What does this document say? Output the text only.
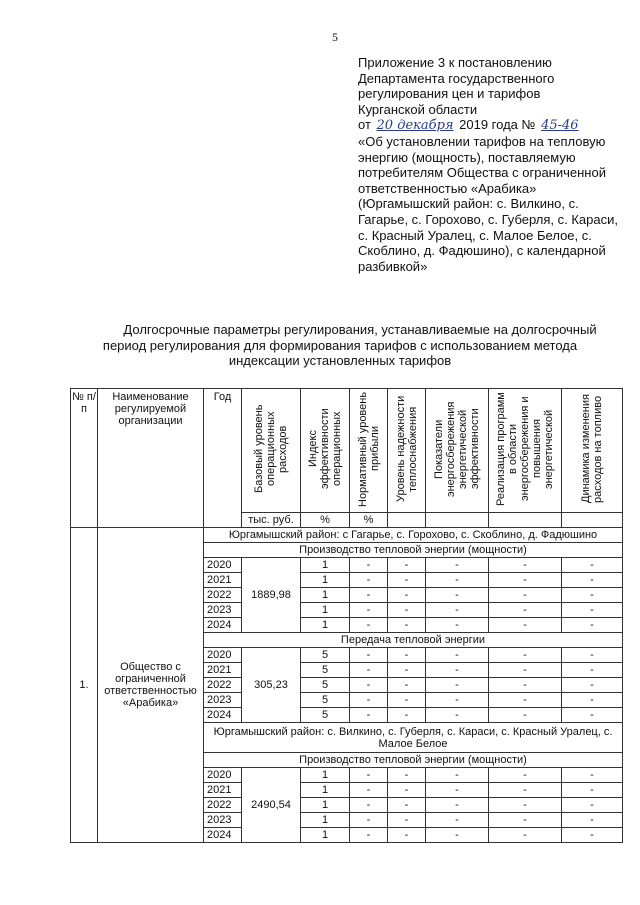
5
Приложение 3 к постановлению
Департамента государственного
регулирования цен и тарифов
Курганской области
от 20 декабря 2019 года № 45-46
«Об установлении тарифов на тепловую энергию (мощность), поставляемую потребителям Общества с ограниченной ответственностью «Арабика» (Юргамышский район: с. Вилкино, с. Гагарье, с. Горохово, с. Губерля, с. Караси, с. Красный Уралец, с. Малое Белое, с. Скоблино, д. Фадюшино), с календарной разбивкой»
Долгосрочные параметры регулирования, устанавливаемые на долгосрочный период регулирования для формирования тарифов с использованием метода индексации установленных тарифов
№ п/п	Наименование регулируемой организации	Год	Базовый уровень операционных расходов	Индекс эффективности операционных	Нормативный уровень прибыли	Уровень надежности теплоснабжения	Показатели энергосбережения энергетической эффективности	Реализация программ в области энергосбережения и повышения энергетической	Динамика изменения расходов на топливо
			тыс. руб.	%	%				
1.	Общество с ограниченной ответственностью «Арабика»	Юргамышский район: с Гагарье, с. Горохово, с. Скоблино, д. Фадюшино							
		Производство тепловой энергии (мощности)							
		2020	1889,98	1	-	-	-	-	-
		2021		1	-	-	-	-	-
		2022		1	-	-	-	-	-
		2023		1	-	-	-	-	-
		2024		1	-	-	-	-	-
		Передача тепловой энергии							
		2020	305,23	5	-	-	-	-	-
		2021		5	-	-	-	-	-
		2022		5	-	-	-	-	-
		2023		5	-	-	-	-	-
		2024		5	-	-	-	-	-
		Юргамышский район: с. Вилкино, с. Губерля, с. Караси, с. Красный Уралец, с. Малое Белое							
		Производство тепловой энергии (мощности)							
		2020	2490,54	1	-	-	-	-	-
		2021		1	-	-	-	-	-
		2022		1	-	-	-	-	-
		2023		1	-	-	-	-	-
		2024		1	-	-	-	-	-
